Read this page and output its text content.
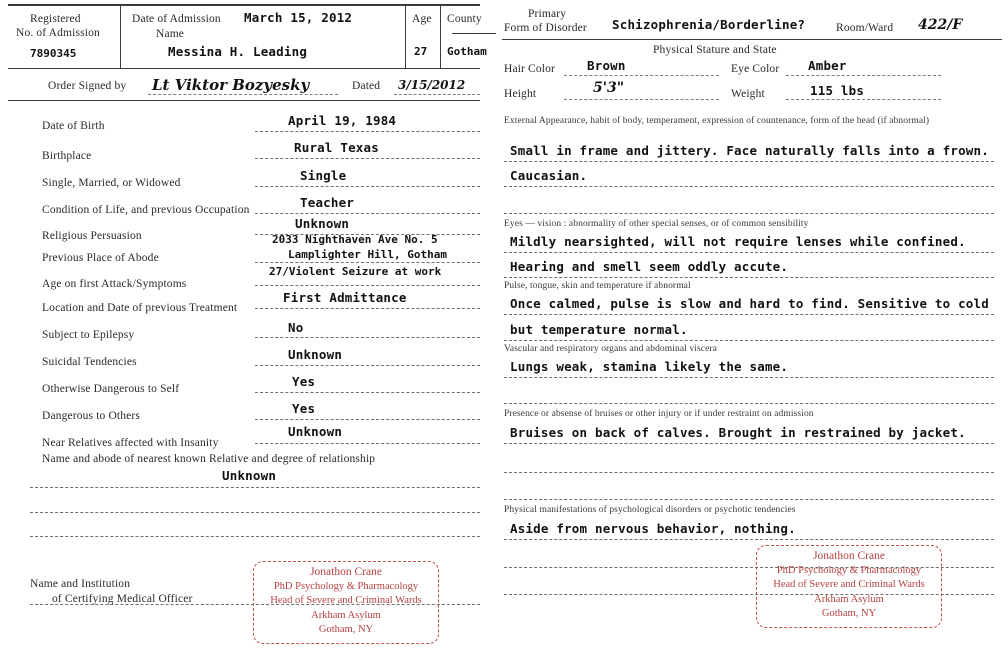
Registered
No. of Admission
7890345
Date of Admission March 15, 2012
Name
Messina H. Leading
Age
27
County
Gotham
Order Signed by Lt Viktor Bozyesky	Dated 3/15/2012
Date of Birth	April 19, 1984
Birthplace
Rural Texas
Single, Married, or Widowed	Single
Condition of Life, and previous Occupation	Teacher
Religious Persuasion
Unknown
Previous Place of Abode
2033 Nighthaven Ave No. 5
Lamplighter Hill, Gotham
Age on first Attack/Symptoms
27/Violent Seizure at work
Location and Date of previous Treatment
First Admittance
Subject to Epilepsy	No
Suicidal Tendencies	Unknown
Otherwise Dangerous to Self	Yes
Dangerous to Others	Yes
Near Relatives affected with Insanity
Unknown
Name and abode of nearest known Relative and degree of relationship
Unknown
Name and Institution
of Certifying Medical Officer
Jonathon Crane
PhD Psychology & Pharmacology
Head of Severe and Criminal Wards
Arkham Asylum
Gotham, NY
Primary
Form of Disorder Schizophrenia/Borderline?	Room/Ward 422/F
Physical Stature and State
Hair Color	Brown	Eye Color Amber
Height	5'3"	Weight	115 lbs
External Appearance, habit of body, temperament, expression of countenance, form of the head (if abnormal)
Small in frame and jittery. Face naturally falls into a frown.
Caucasian.
Eyes — vision : abnormality of other special senses, or of common sensibility
Mildly nearsighted, will not require lenses while confined.
Hearing and smell seem oddly accute.
Pulse, tongue, skin and temperature if abnormal
Once calmed, pulse is slow and hard to find. Sensitive to cold
but temperature normal.
Vascular and respiratory organs and abdominal viscera
Lungs weak, stamina likely the same.
Presence or absense of bruises or other injury or if under restraint on admission
Bruises on back of calves. Brought in restrained by jacket.
Physical manifestations of psychological disorders or psychotic tendencies
Aside from nervous behavior, nothing.
Jonathon Crane
PhD Psychology & Pharmacology
Head of Severe and Criminal Wards
Arkham Asylum
Gotham, NY
